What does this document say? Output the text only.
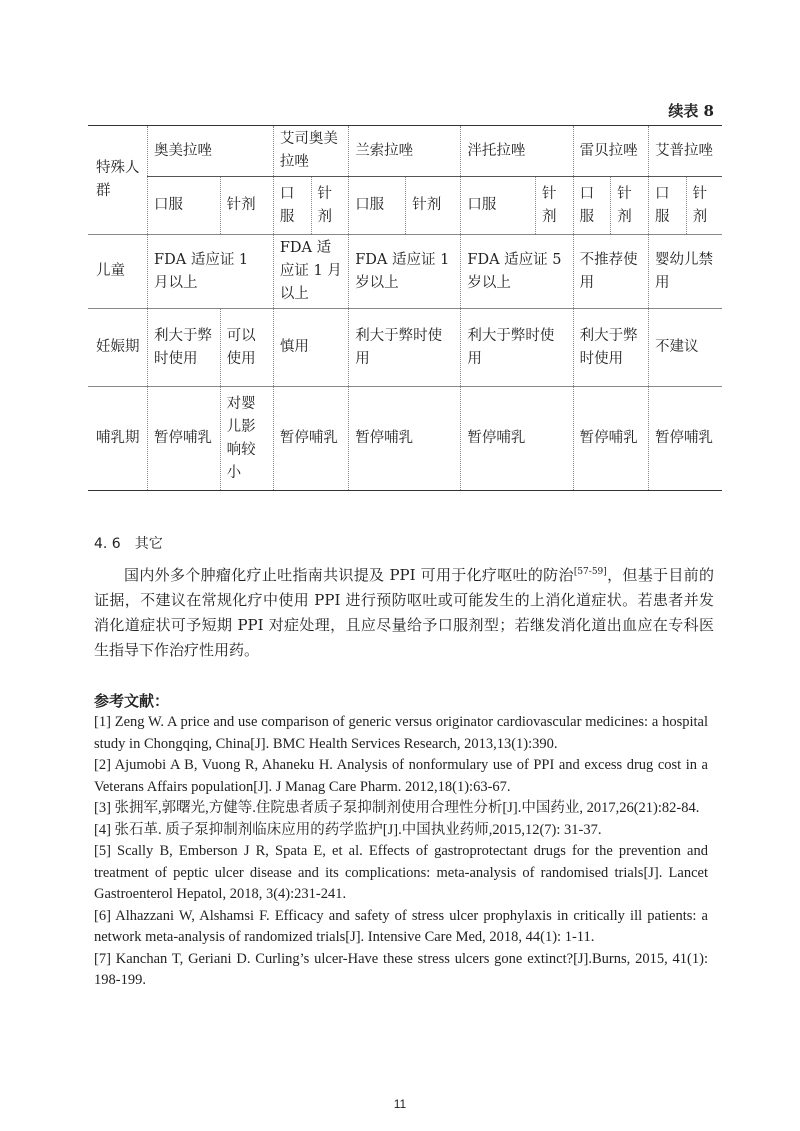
续表 8
特殊人群	奥美拉唑		艾司奥美拉唑		兰索拉唑		泮托拉唑		雷贝拉唑		艾普拉唑	
	口服	针剂	口服	针剂	口服	针剂	口服	针剂	口服	针剂	口服	针剂
儿童	FDA 适应证 1 月以上		FDA 适应证 1 月以上		FDA 适应证 1 岁以上		FDA 适应证 5 岁以上		不推荐使用		婴幼儿禁用	
妊娠期	利大于弊时使用	可以使用	慎用		利大于弊时使用		利大于弊时使用		利大于弊时使用		不建议	
哺乳期	暂停哺乳	对婴儿影响较小	暂停哺乳		暂停哺乳		暂停哺乳		暂停哺乳		暂停哺乳	
4. 6　其它
国内外多个肿瘤化疗止吐指南共识提及 PPI 可用于化疗呕吐的防治[57-59]，但基于目前的证据，不建议在常规化疗中使用 PPI 进行预防呕吐或可能发生的上消化道症状。若患者并发消化道症状可予短期 PPI 对症处理，且应尽量给予口服剂型；若继发消化道出血应在专科医生指导下作治疗性用药。
参考文献：

[1] Zeng W. A price and use comparison of generic versus originator cardiovascular medicines: a hospital study in Chongqing, China[J]. BMC Health Services Research, 2013,13(1):390.

[2] Ajumobi A B, Vuong R, Ahaneku H. Analysis of nonformulary use of PPI and excess drug cost in a Veterans Affairs population[J]. J Manag Care Pharm. 2012,18(1):63-67.

[3] 张拥军,郭曙光,方健等.住院患者质子泵抑制剂使用合理性分析[J].中国药业, 2017,26(21):82-84.

[4] 张石革. 质子泵抑制剂临床应用的药学监护[J].中国执业药师,2015,12(7): 31-37.

[5] Scally B, Emberson J R, Spata E, et al. Effects of gastroprotectant drugs for the prevention and treatment of peptic ulcer disease and its complications: meta-analysis of randomised trials[J]. Lancet Gastroenterol Hepatol, 2018, 3(4):231-241.

[6] Alhazzani W, Alshamsi F. Efficacy and safety of stress ulcer prophylaxis in critically ill patients: a network meta-analysis of randomized trials[J]. Intensive Care Med, 2018, 44(1): 1-11.

[7] Kanchan T, Geriani D. Curling’s ulcer-Have these stress ulcers gone extinct?[J].Burns, 2015, 41(1): 198-199.

11
